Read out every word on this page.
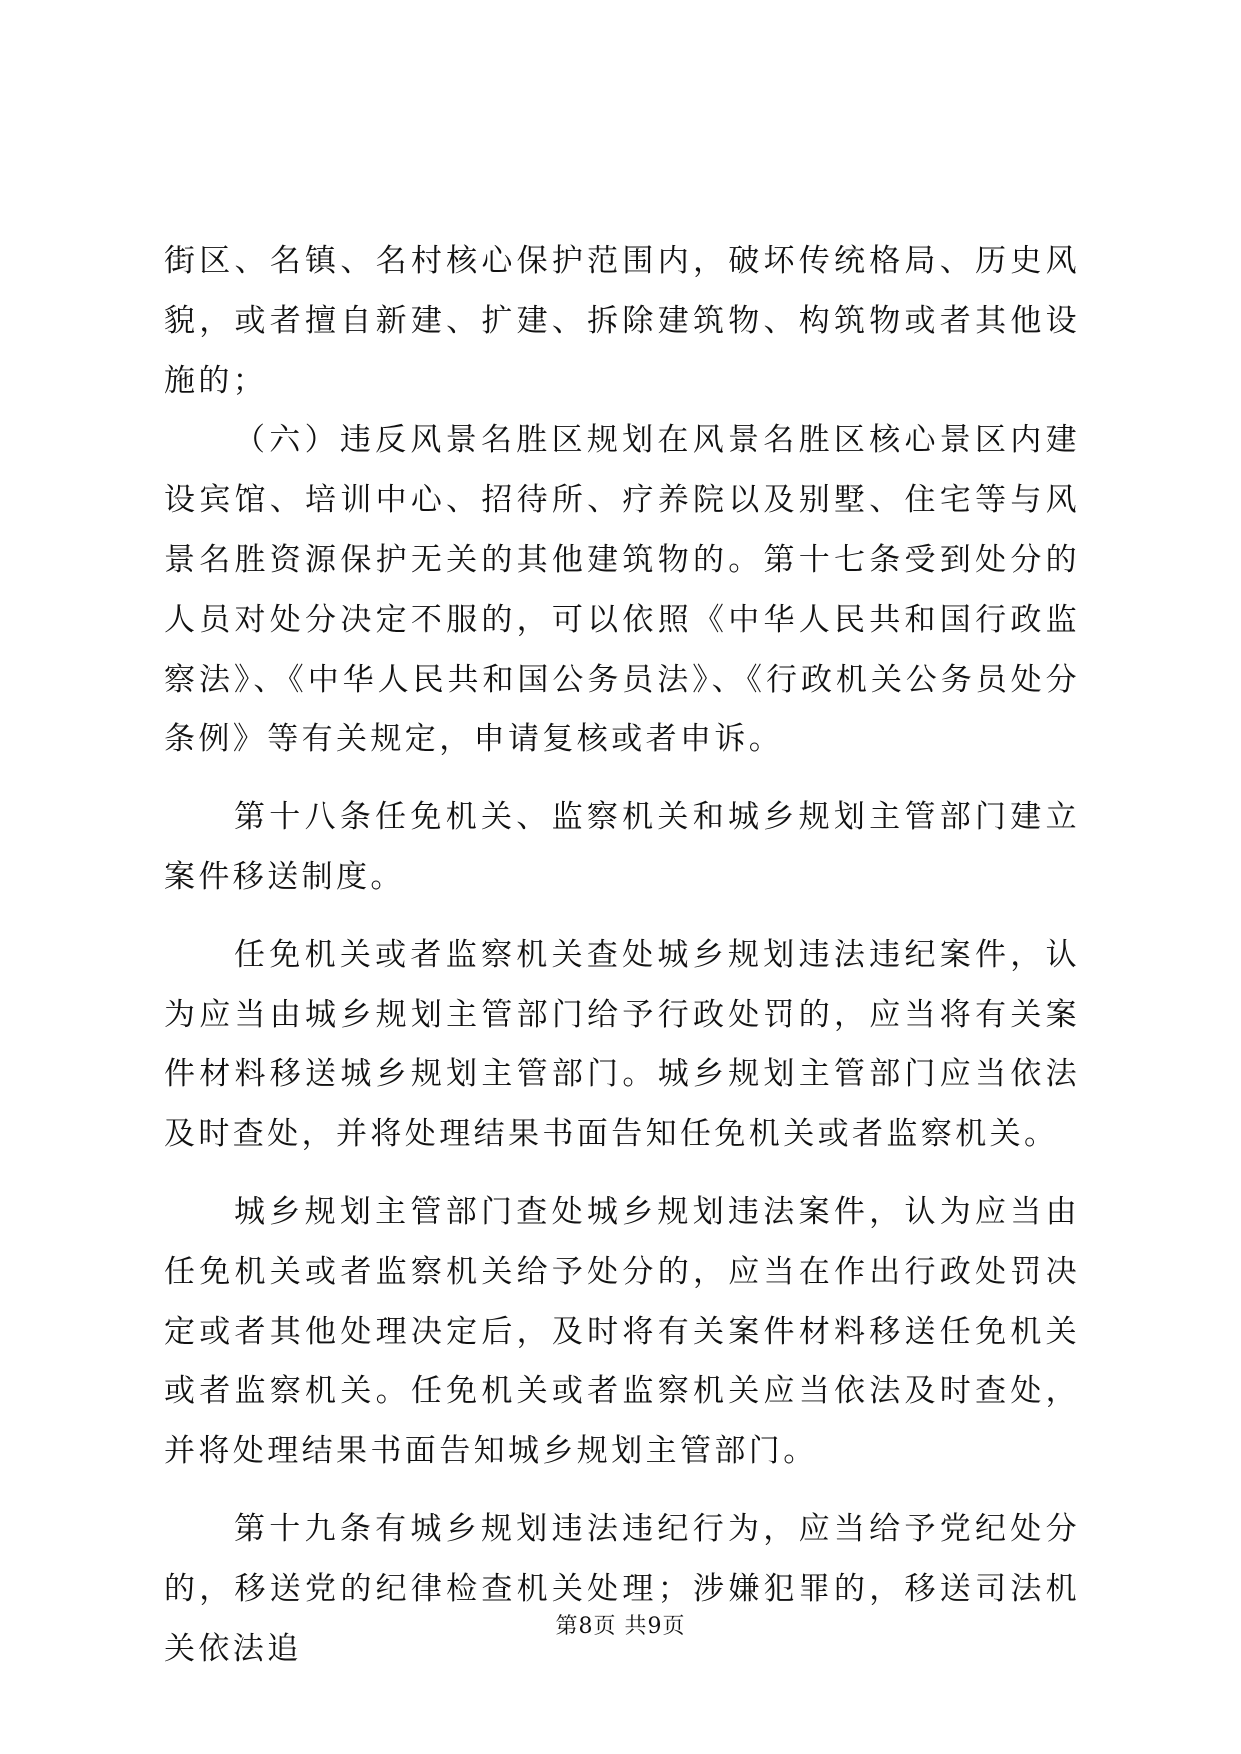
街区、名镇、名村核心保护范围内，破坏传统格局、历史风貌，或者擅自新建、扩建、拆除建筑物、构筑物或者其他设施的；

（六）违反风景名胜区规划在风景名胜区核心景区内建设宾馆、培训中心、招待所、疗养院以及别墅、住宅等与风景名胜资源保护无关的其他建筑物的。第十七条受到处分的人员对处分决定不服的，可以依照《中华人民共和国行政监察法》、《中华人民共和国公务员法》、《行政机关公务员处分条例》等有关规定，申请复核或者申诉。

第十八条任免机关、监察机关和城乡规划主管部门建立案件移送制度。

任免机关或者监察机关查处城乡规划违法违纪案件，认为应当由城乡规划主管部门给予行政处罚的，应当将有关案件材料移送城乡规划主管部门。城乡规划主管部门应当依法及时查处，并将处理结果书面告知任免机关或者监察机关。

城乡规划主管部门查处城乡规划违法案件，认为应当由任免机关或者监察机关给予处分的，应当在作出行政处罚决定或者其他处理决定后，及时将有关案件材料移送任免机关或者监察机关。任免机关或者监察机关应当依法及时查处，并将处理结果书面告知城乡规划主管部门。

第十九条有城乡规划违法违纪行为，应当给予党纪处分的，移送党的纪律检查机关处理；涉嫌犯罪的，移送司法机关依法追

第8页 共9页
